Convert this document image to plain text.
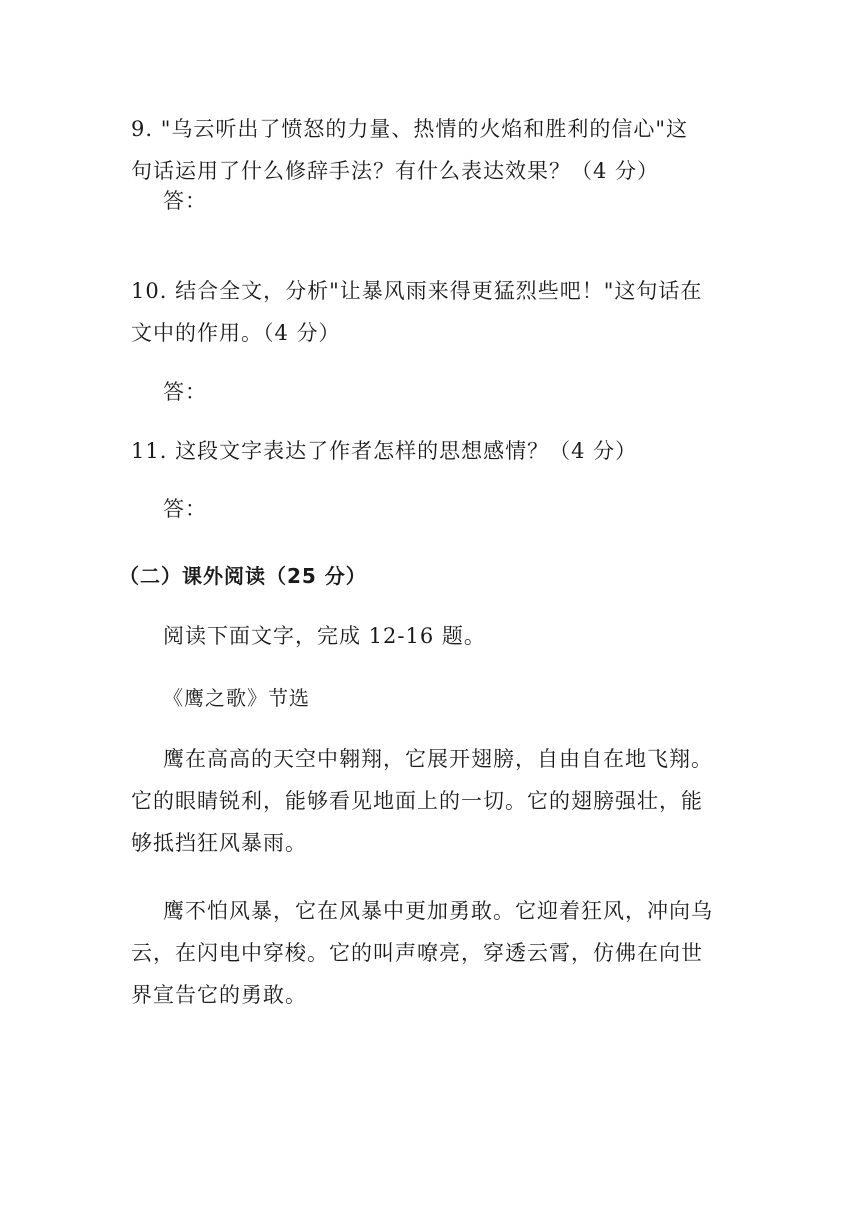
9. "乌云听出了愤怒的力量、热情的火焰和胜利的信心"这
句话运用了什么修辞手法？有什么表达效果？（4 分）
答：
10. 结合全文，分析"让暴风雨来得更猛烈些吧！"这句话在
文中的作用。（4 分）
答：
11. 这段文字表达了作者怎样的思想感情？（4 分）
答：
（二）课外阅读（25 分）
阅读下面文字，完成 12-16 题。
《鹰之歌》节选
鹰在高高的天空中翱翔，它展开翅膀，自由自在地飞翔。
它的眼睛锐利，能够看见地面上的一切。它的翅膀强壮，能
够抵挡狂风暴雨。
鹰不怕风暴，它在风暴中更加勇敢。它迎着狂风，冲向乌
云，在闪电中穿梭。它的叫声嘹亮，穿透云霄，仿佛在向世
界宣告它的勇敢。
